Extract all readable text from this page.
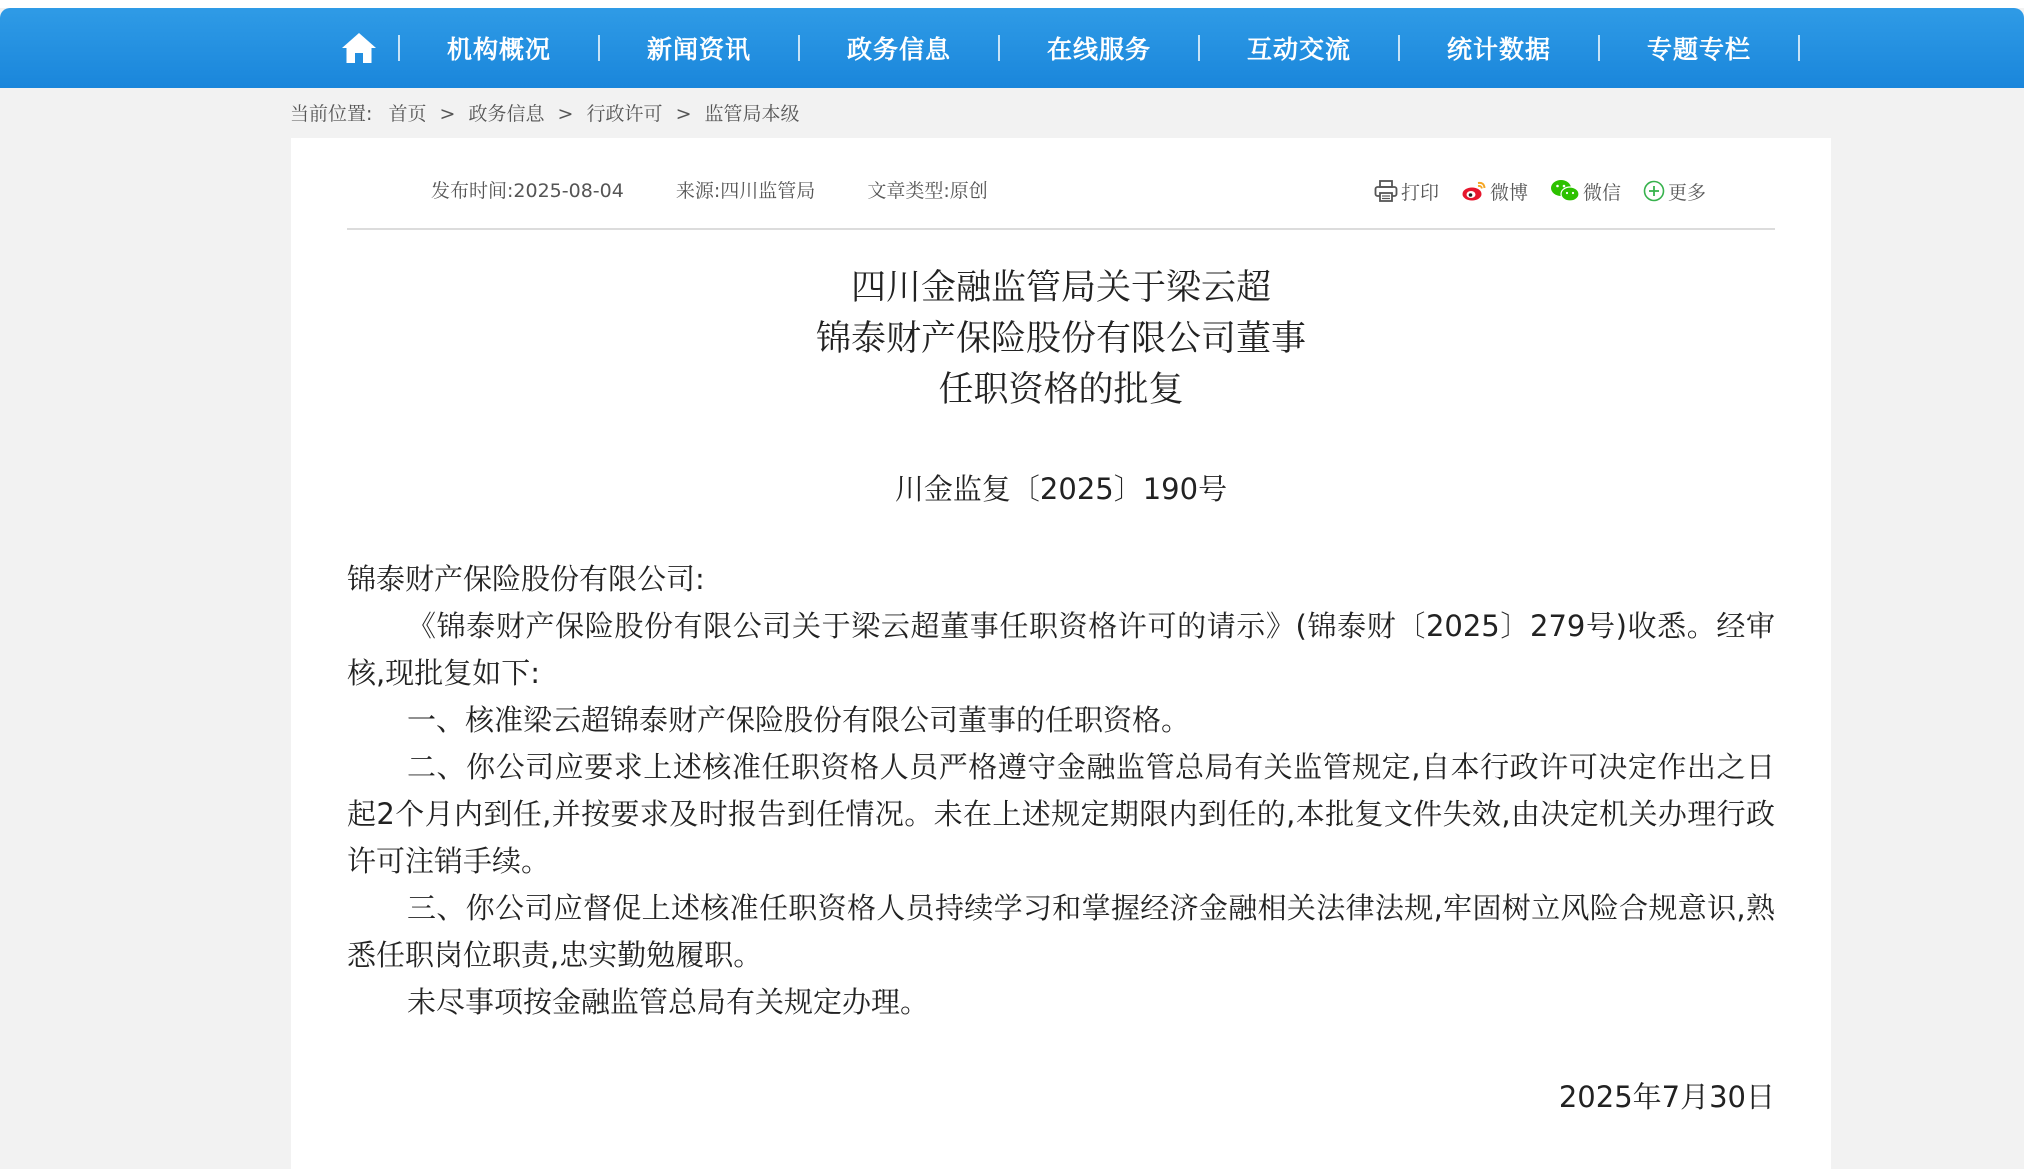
机构概况	新闻资讯	政务信息	在线服务	互动交流	统计数据	专题专栏
当前位置: 首页 > 政务信息 > 行政许可 > 监管局本级
发布时间:2025-08-04	来源:四川监管局	文章类型:原创	打印	微博	微信 更多
四川金融监管局关于梁云超
锦泰财产保险股份有限公司董事
任职资格的批复
川金监复〔2025〕190号

锦泰财产保险股份有限公司:

《锦泰财产保险股份有限公司关于梁云超董事任职资格许可的请示》(锦泰财〔2025〕279号)收悉。经审核,现批复如下:

一、核准梁云超锦泰财产保险股份有限公司董事的任职资格。

二、你公司应要求上述核准任职资格人员严格遵守金融监管总局有关监管规定,自本行政许可决定作出之日起2个月内到任,并按要求及时报告到任情况。未在上述规定期限内到任的,本批复文件失效,由决定机关办理行政许可注销手续。

三、你公司应督促上述核准任职资格人员持续学习和掌握经济金融相关法律法规,牢固树立风险合规意识,熟悉任职岗位职责,忠实勤勉履职。

未尽事项按金融监管总局有关规定办理。

2025年7月30日
